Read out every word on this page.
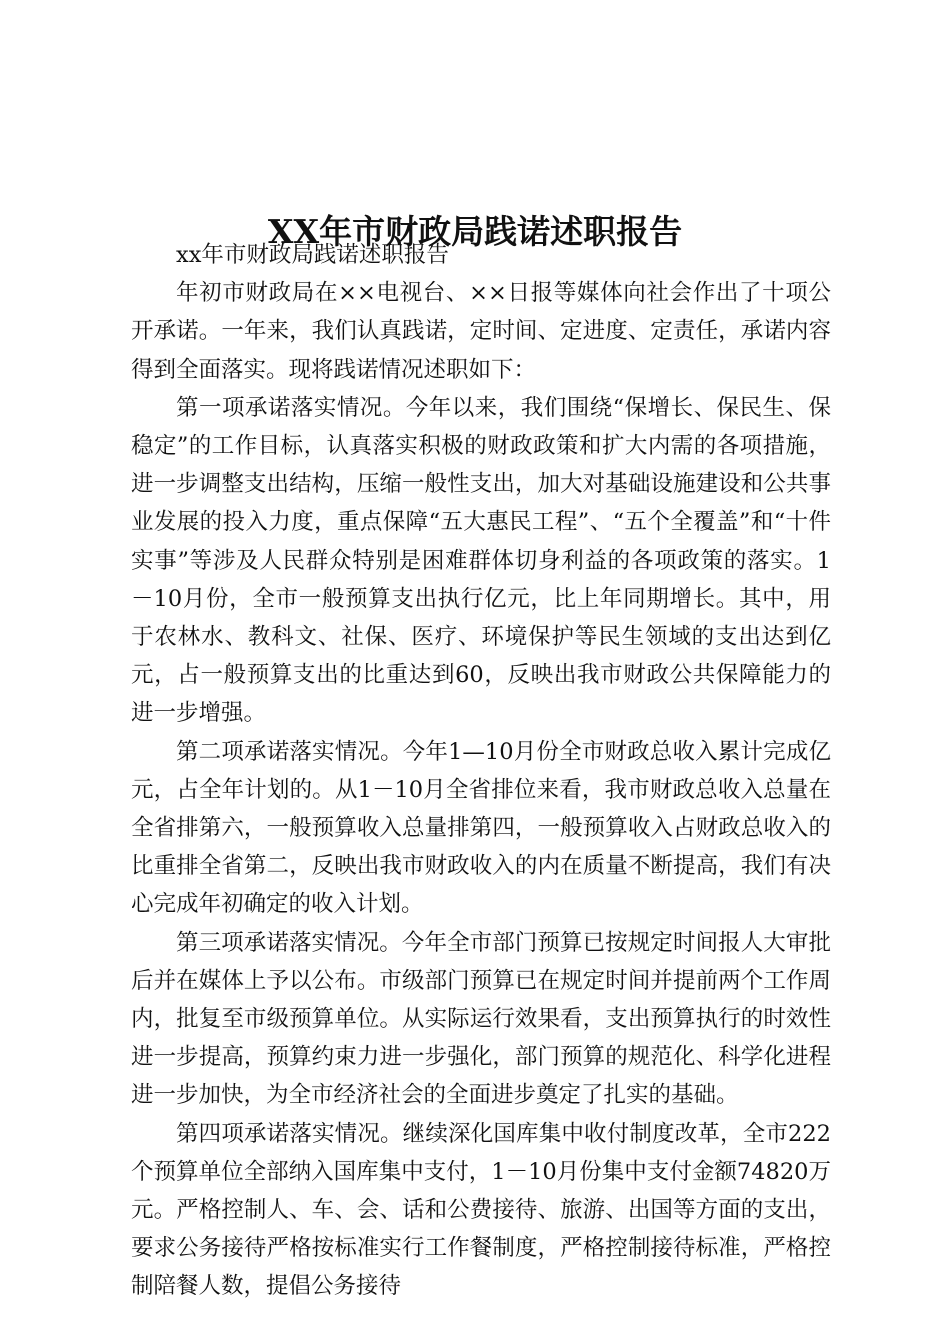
XX年市财政局践诺述职报告

xx年市财政局践诺述职报告

年初市财政局在××电视台、××日报等媒体向社会作出了十项公开承诺。一年来，我们认真践诺，定时间、定进度、定责任，承诺内容得到全面落实。现将践诺情况述职如下：

第一项承诺落实情况。今年以来，我们围绕“保增长、保民生、保稳定”的工作目标，认真落实积极的财政政策和扩大内需的各项措施，进一步调整支出结构，压缩一般性支出，加大对基础设施建设和公共事业发展的投入力度，重点保障“五大惠民工程”、“五个全覆盖”和“十件实事”等涉及人民群众特别是困难群体切身利益的各项政策的落实。1－10月份，全市一般预算支出执行亿元，比上年同期增长。其中，用于农林水、教科文、社保、医疗、环境保护等民生领域的支出达到亿元，占一般预算支出的比重达到60，反映出我市财政公共保障能力的进一步增强。

第二项承诺落实情况。今年1—10月份全市财政总收入累计完成亿元，占全年计划的。从1－10月全省排位来看，我市财政总收入总量在全省排第六，一般预算收入总量排第四，一般预算收入占财政总收入的比重排全省第二，反映出我市财政收入的内在质量不断提高，我们有决心完成年初确定的收入计划。

第三项承诺落实情况。今年全市部门预算已按规定时间报人大审批后并在媒体上予以公布。市级部门预算已在规定时间并提前两个工作周内，批复至市级预算单位。从实际运行效果看，支出预算执行的时效性进一步提高，预算约束力进一步强化，部门预算的规范化、科学化进程进一步加快，为全市经济社会的全面进步奠定了扎实的基础。

第四项承诺落实情况。继续深化国库集中收付制度改革，全市222个预算单位全部纳入国库集中支付，1－10月份集中支付金额74820万元。严格控制人、车、会、话和公费接待、旅游、出国等方面的支出，要求公务接待严格按标准实行工作餐制度，严格控制接待标准，严格控制陪餐人数，提倡公务接待
